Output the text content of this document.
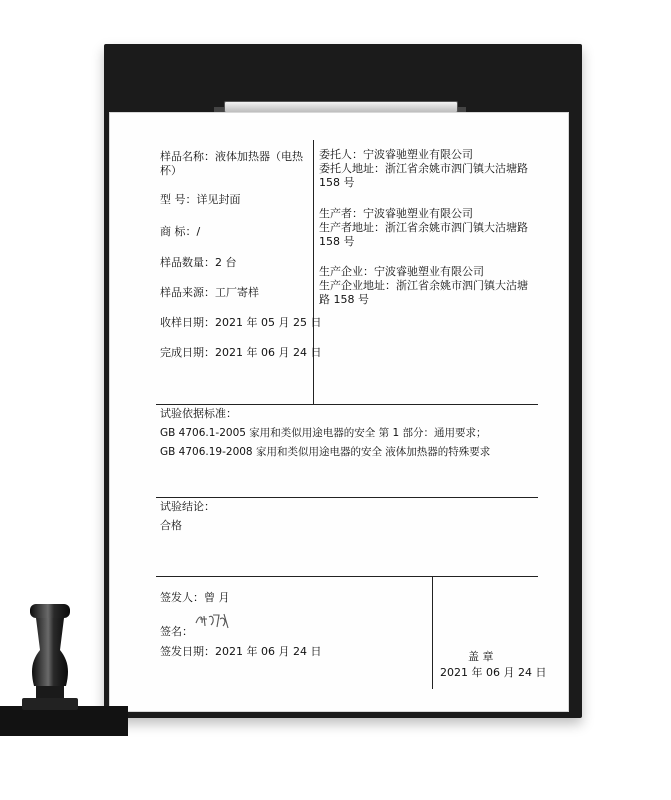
样品名称：液体加热器（电热杯）
型 号：详见封面
商 标：/
样品数量：2 台
样品来源：工厂寄样
收样日期：2021 年 05 月 25 日
完成日期：2021 年 06 月 24 日
委托人：宁波睿驰塑业有限公司
委托人地址：浙江省余姚市泗门镇大沽塘路 158 号
生产者：宁波睿驰塑业有限公司
生产者地址：浙江省余姚市泗门镇大沽塘路 158 号
生产企业：宁波睿驰塑业有限公司
生产企业地址：浙江省余姚市泗门镇大沽塘路 158 号
试验依据标准：
GB 4706.1-2005 家用和类似用途电器的安全 第 1 部分：通用要求；
GB 4706.19-2008 家用和类似用途电器的安全 液体加热器的特殊要求
试验结论：
合格
签发人：曾 月
签名：
签发日期：2021 年 06 月 24 日	盖 章
2021 年 06 月 24 日
